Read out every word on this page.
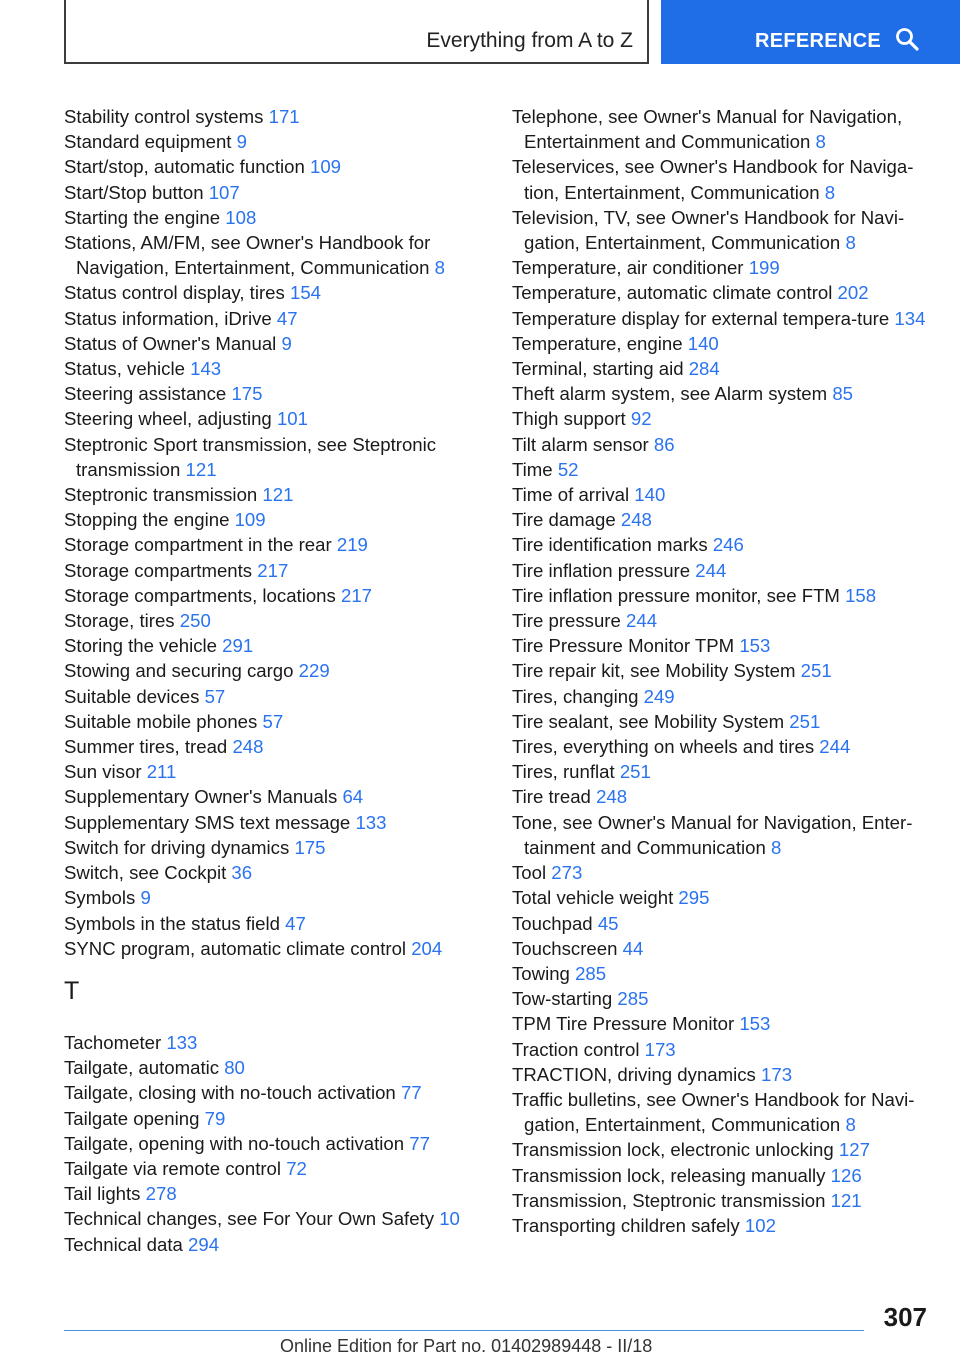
Everything from A to Z	REFERENCE
Stability control systems 171
Standard equipment 9
Start/stop, automatic function 109
Start/Stop button 107
Starting the engine 108
Stations, AM/FM, see Owner's Handbook for Navigation, Entertainment, Communication 8
Status control display, tires 154
Status information, iDrive 47
Status of Owner's Manual 9
Status, vehicle 143
Steering assistance 175
Steering wheel, adjusting 101
Steptronic Sport transmission, see Steptronic transmission 121
Steptronic transmission 121
Stopping the engine 109
Storage compartment in the rear 219
Storage compartments 217
Storage compartments, locations 217
Storage, tires 250
Storing the vehicle 291
Stowing and securing cargo 229
Suitable devices 57
Suitable mobile phones 57
Summer tires, tread 248
Sun visor 211
Supplementary Owner's Manuals 64
Supplementary SMS text message 133
Switch for driving dynamics 175
Switch, see Cockpit 36
Symbols 9
Symbols in the status field 47
SYNC program, automatic climate control 204
T
Tachometer 133
Tailgate, automatic 80
Tailgate, closing with no-touch activation 77
Tailgate opening 79
Tailgate, opening with no-touch activation 77
Tailgate via remote control 72
Tail lights 278
Technical changes, see For Your Own Safety 10
Technical data 294
Telephone, see Owner's Manual for Navigation, Entertainment and Communication 8
Teleservices, see Owner's Handbook for Naviga-tion, Entertainment, Communication 8
Television, TV, see Owner's Handbook for Navi-gation, Entertainment, Communication 8
Temperature, air conditioner 199
Temperature, automatic climate control 202
Temperature display for external tempera-ture 134
Temperature, engine 140
Terminal, starting aid 284
Theft alarm system, see Alarm system 85
Thigh support 92
Tilt alarm sensor 86
Time 52
Time of arrival 140
Tire damage 248
Tire identification marks 246
Tire inflation pressure 244
Tire inflation pressure monitor, see FTM 158
Tire pressure 244
Tire Pressure Monitor TPM 153
Tire repair kit, see Mobility System 251
Tires, changing 249
Tire sealant, see Mobility System 251
Tires, everything on wheels and tires 244
Tires, runflat 251
Tire tread 248
Tone, see Owner's Manual for Navigation, Enter-tainment and Communication 8
Tool 273
Total vehicle weight 295
Touchpad 45
Touchscreen 44
Towing 285
Tow-starting 285
TPM Tire Pressure Monitor 153
Traction control 173
TRACTION, driving dynamics 173
Traffic bulletins, see Owner's Handbook for Navi-gation, Entertainment, Communication 8
Transmission lock, electronic unlocking 127
Transmission lock, releasing manually 126
Transmission, Steptronic transmission 121
Transporting children safely 102
307
Online Edition for Part no. 01402989448 - II/18
